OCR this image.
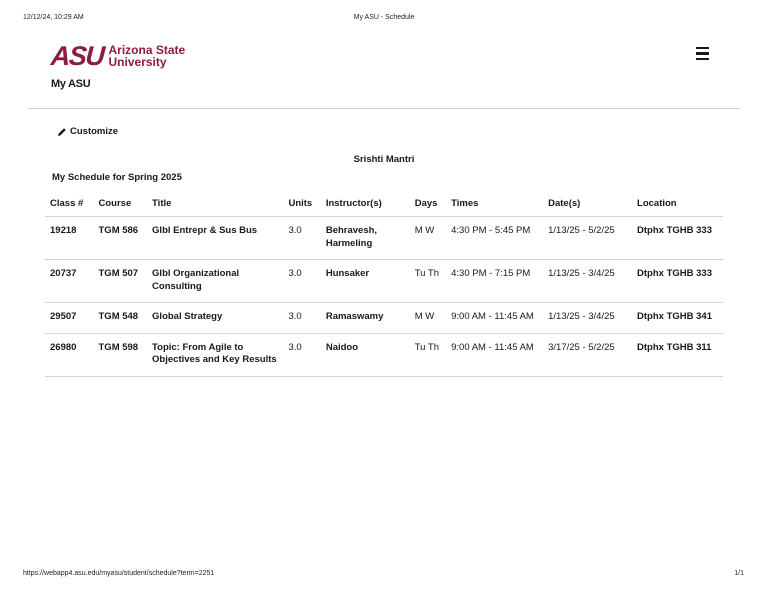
12/12/24, 10:29 AM	My ASU - Schedule
ASU Arizona State
University
My ASU
Customize
Srishti Mantri
My Schedule for Spring 2025
Class #	Course	Title	Units	Instructor(s)	Days	Times	Date(s)	Location
19218	TGM 586	Glbl Entrepr & Sus Bus	3.0	Behravesh, Harmeling	M W	4:30 PM - 5:45 PM	1/13/25 - 5/2/25	Dtphx TGHB 333
20737	TGM 507	Glbl Organizational Consulting	3.0	Hunsaker	Tu Th	4:30 PM - 7:15 PM	1/13/25 - 3/4/25	Dtphx TGHB 333
29507	TGM 548	Global Strategy	3.0	Ramaswamy	M W	9:00 AM - 11:45 AM	1/13/25 - 3/4/25	Dtphx TGHB 341
26980	TGM 598	Topic: From Agile to Objectives and Key Results	3.0	Naidoo	Tu Th	9:00 AM - 11:45 AM	3/17/25 - 5/2/25	Dtphx TGHB 311
https://webapp4.asu.edu/myasu/student/schedule?term=2251	1/1
